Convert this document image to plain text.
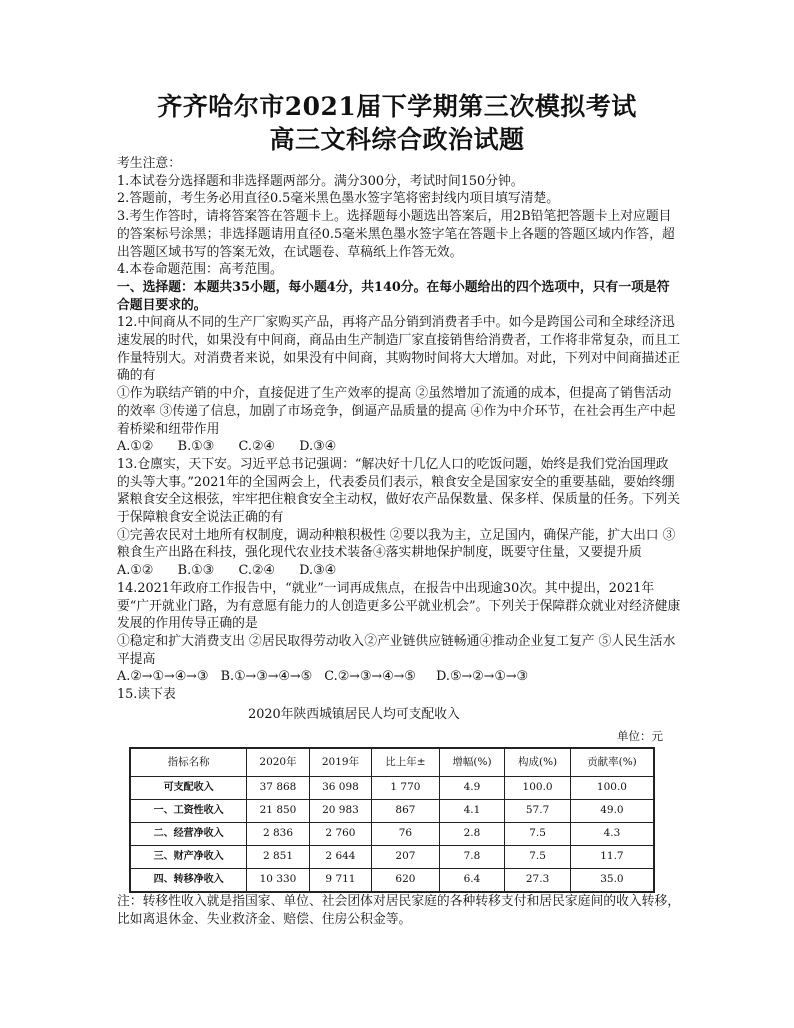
齐齐哈尔市2021届下学期第三次模拟考试
高三文科综合政治试题

考生注意：

1.本试卷分选择题和非选择题两部分。满分300分，考试时间150分钟。

2.答题前，考生务必用直径0.5毫米黑色墨水签字笔将密封线内项目填写清楚。

3.考生作答时，请将答案答在答题卡上。选择题每小题选出答案后，用2B铅笔把答题卡上对应题目的答案标号涂黑；非选择题请用直径0.5毫米黑色墨水签字笔在答题卡上各题的答题区域内作答，超出答题区域书写的答案无效，在试题卷、草稿纸上作答无效。

4.本卷命题范围：高考范围。

一、选择题：本题共35小题，每小题4分，共140分。在每小题给出的四个选项中，只有一项是符合题目要求的。

12.中间商从不同的生产厂家购买产品，再将产品分销到消费者手中。如今是跨国公司和全球经济迅速发展的时代，如果没有中间商，商品由生产制造厂家直接销售给消费者，工作将非常复杂，而且工作量特别大。对消费者来说，如果没有中间商，其购物时间将大大增加。对此，下列对中间商描述正确的有

①作为联结产销的中介，直接促进了生产效率的提高 ②虽然增加了流通的成本，但提高了销售活动的效率 ③传递了信息，加剧了市场竞争，倒逼产品质量的提高 ④作为中介环节，在社会再生产中起着桥梁和纽带作用

A.①②      B.①③      C.②④      D.③④

13.仓廪实，天下安。习近平总书记强调：“解决好十几亿人口的吃饭问题，始终是我们党治国理政的头等大事。”2021年的全国两会上，代表委员们表示，粮食安全是国家安全的重要基础，要始终绷紧粮食安全这根弦，牢牢把住粮食安全主动权，做好农产品保数量、保多样、保质量的任务。下列关于保障粮食安全说法正确的有

①完善农民对土地所有权制度，调动种粮积极性 ②要以我为主，立足国内，确保产能，扩大出口 ③粮食生产出路在科技，强化现代农业技术装备④落实耕地保护制度，既要守住量，又要提升质

A.①②      B.①③      C.②④      D.③④

14.2021年政府工作报告中，“就业”一词再成焦点，在报告中出现逾30次。其中提出，2021年要“广开就业门路，为有意愿有能力的人创造更多公平就业机会”。下列关于保障群众就业对经济健康发展的作用传导正确的是

①稳定和扩大消费支出 ②居民取得劳动收入②产业链供应链畅通④推动企业复工复产 ⑤人民生活水平提高

A.②→①→④→③   B.①→③→④→⑤   C.②→③→④→⑤     D.⑤→②→①→③

15.读下表

2020年陕西城镇居民人均可支配收入
单位：元
指标名称	2020年	2019年	比上年±	增幅(%)	构成(%)	贡献率(%)
可支配收入	37 868	36 098	1 770	4.9	100.0	100.0
一、工资性收入	21 850	20 983	867	4.1	57.7	49.0
二、经营净收入	2 836	2 760	76	2.8	7.5	4.3
三、财产净收入	2 851	2 644	207	7.8	7.5	11.7
四、转移净收入	10 330	9 711	620	6.4	27.3	35.0

注：转移性收入就是指国家、单位、社会团体对居民家庭的各种转移支付和居民家庭间的收入转移，比如离退休金、失业救济金、赔偿、住房公积金等。
